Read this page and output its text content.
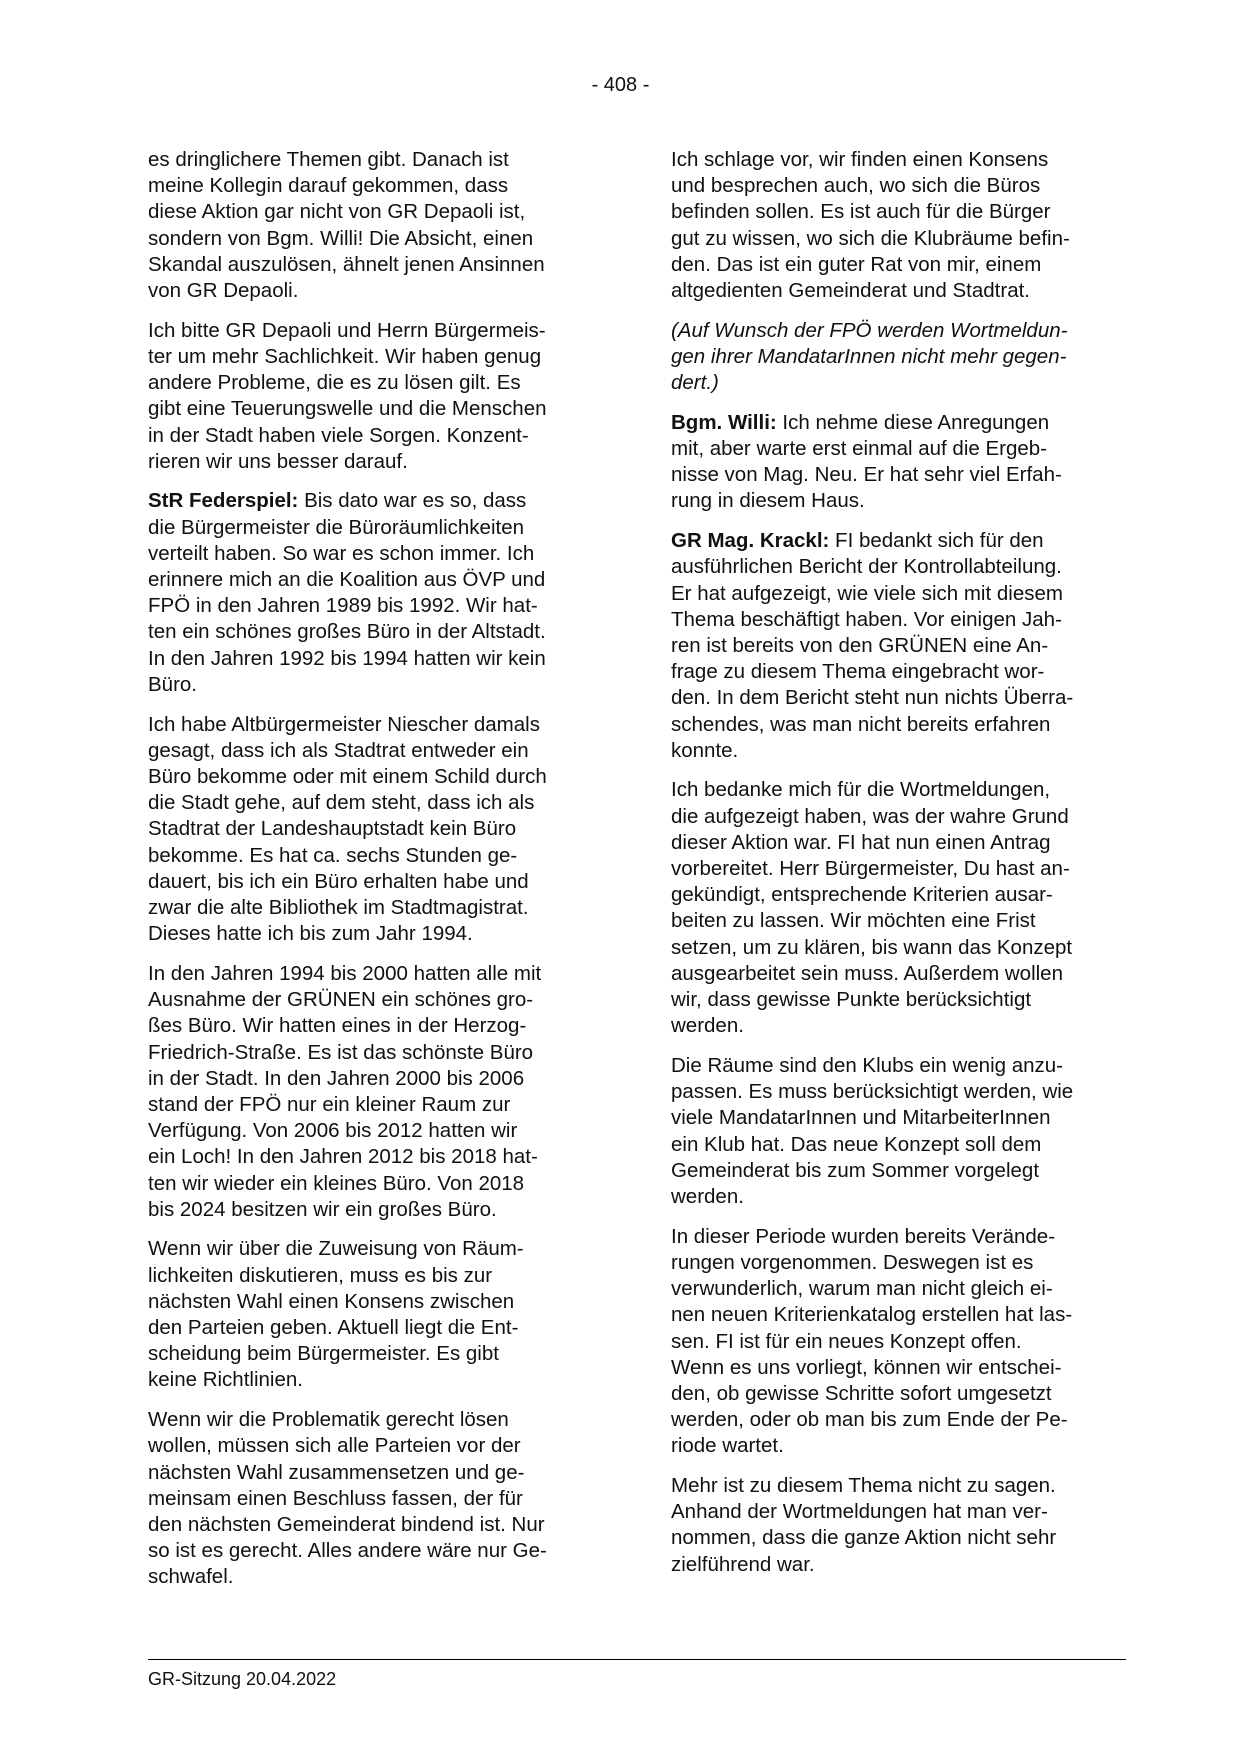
- 408 -

es dringlichere Themen gibt. Danach ist
meine Kollegin darauf gekommen, dass
diese Aktion gar nicht von GR Depaoli ist,
sondern von Bgm. Willi! Die Absicht, einen
Skandal auszulösen, ähnelt jenen Ansinnen
von GR Depaoli.

Ich bitte GR Depaoli und Herrn Bürgermeis-
ter um mehr Sachlichkeit. Wir haben genug
andere Probleme, die es zu lösen gilt. Es
gibt eine Teuerungswelle und die Menschen
in der Stadt haben viele Sorgen. Konzent-
rieren wir uns besser darauf.

StR Federspiel: Bis dato war es so, dass
die Bürgermeister die Büroräumlichkeiten
verteilt haben. So war es schon immer. Ich
erinnere mich an die Koalition aus ÖVP und
FPÖ in den Jahren 1989 bis 1992. Wir hat-
ten ein schönes großes Büro in der Altstadt.
In den Jahren 1992 bis 1994 hatten wir kein
Büro.

Ich habe Altbürgermeister Niescher damals
gesagt, dass ich als Stadtrat entweder ein
Büro bekomme oder mit einem Schild durch
die Stadt gehe, auf dem steht, dass ich als
Stadtrat der Landeshauptstadt kein Büro
bekomme. Es hat ca. sechs Stunden ge-
dauert, bis ich ein Büro erhalten habe und
zwar die alte Bibliothek im Stadtmagistrat.
Dieses hatte ich bis zum Jahr 1994.

In den Jahren 1994 bis 2000 hatten alle mit
Ausnahme der GRÜNEN ein schönes gro-
ßes Büro. Wir hatten eines in der Herzog-
Friedrich-Straße. Es ist das schönste Büro
in der Stadt. In den Jahren 2000 bis 2006
stand der FPÖ nur ein kleiner Raum zur
Verfügung. Von 2006 bis 2012 hatten wir
ein Loch! In den Jahren 2012 bis 2018 hat-
ten wir wieder ein kleines Büro. Von 2018
bis 2024 besitzen wir ein großes Büro.

Wenn wir über die Zuweisung von Räum-
lichkeiten diskutieren, muss es bis zur
nächsten Wahl einen Konsens zwischen
den Parteien geben. Aktuell liegt die Ent-
scheidung beim Bürgermeister. Es gibt
keine Richtlinien.

Wenn wir die Problematik gerecht lösen
wollen, müssen sich alle Parteien vor der
nächsten Wahl zusammensetzen und ge-
meinsam einen Beschluss fassen, der für
den nächsten Gemeinderat bindend ist. Nur
so ist es gerecht. Alles andere wäre nur Ge-
schwafel.

Ich schlage vor, wir finden einen Konsens
und besprechen auch, wo sich die Büros
befinden sollen. Es ist auch für die Bürger
gut zu wissen, wo sich die Klubräume befin-
den. Das ist ein guter Rat von mir, einem
altgedienten Gemeinderat und Stadtrat.

(Auf Wunsch der FPÖ werden Wortmeldun-
gen ihrer MandatarInnen nicht mehr gegen-
dert.)

Bgm. Willi: Ich nehme diese Anregungen
mit, aber warte erst einmal auf die Ergeb-
nisse von Mag. Neu. Er hat sehr viel Erfah-
rung in diesem Haus.

GR Mag. Krackl: FI bedankt sich für den
ausführlichen Bericht der Kontrollabteilung.
Er hat aufgezeigt, wie viele sich mit diesem
Thema beschäftigt haben. Vor einigen Jah-
ren ist bereits von den GRÜNEN eine An-
frage zu diesem Thema eingebracht wor-
den. In dem Bericht steht nun nichts Überra-
schendes, was man nicht bereits erfahren
konnte.

Ich bedanke mich für die Wortmeldungen,
die aufgezeigt haben, was der wahre Grund
dieser Aktion war. FI hat nun einen Antrag
vorbereitet. Herr Bürgermeister, Du hast an-
gekündigt, entsprechende Kriterien ausar-
beiten zu lassen. Wir möchten eine Frist
setzen, um zu klären, bis wann das Konzept
ausgearbeitet sein muss. Außerdem wollen
wir, dass gewisse Punkte berücksichtigt
werden.

Die Räume sind den Klubs ein wenig anzu-
passen. Es muss berücksichtigt werden, wie
viele MandatarInnen und MitarbeiterInnen
ein Klub hat. Das neue Konzept soll dem
Gemeinderat bis zum Sommer vorgelegt
werden.

In dieser Periode wurden bereits Verände-
rungen vorgenommen. Deswegen ist es
verwunderlich, warum man nicht gleich ei-
nen neuen Kriterienkatalog erstellen hat las-
sen. FI ist für ein neues Konzept offen.
Wenn es uns vorliegt, können wir entschei-
den, ob gewisse Schritte sofort umgesetzt
werden, oder ob man bis zum Ende der Pe-
riode wartet.

Mehr ist zu diesem Thema nicht zu sagen.
Anhand der Wortmeldungen hat man ver-
nommen, dass die ganze Aktion nicht sehr
zielführend war.

GR-Sitzung 20.04.2022
